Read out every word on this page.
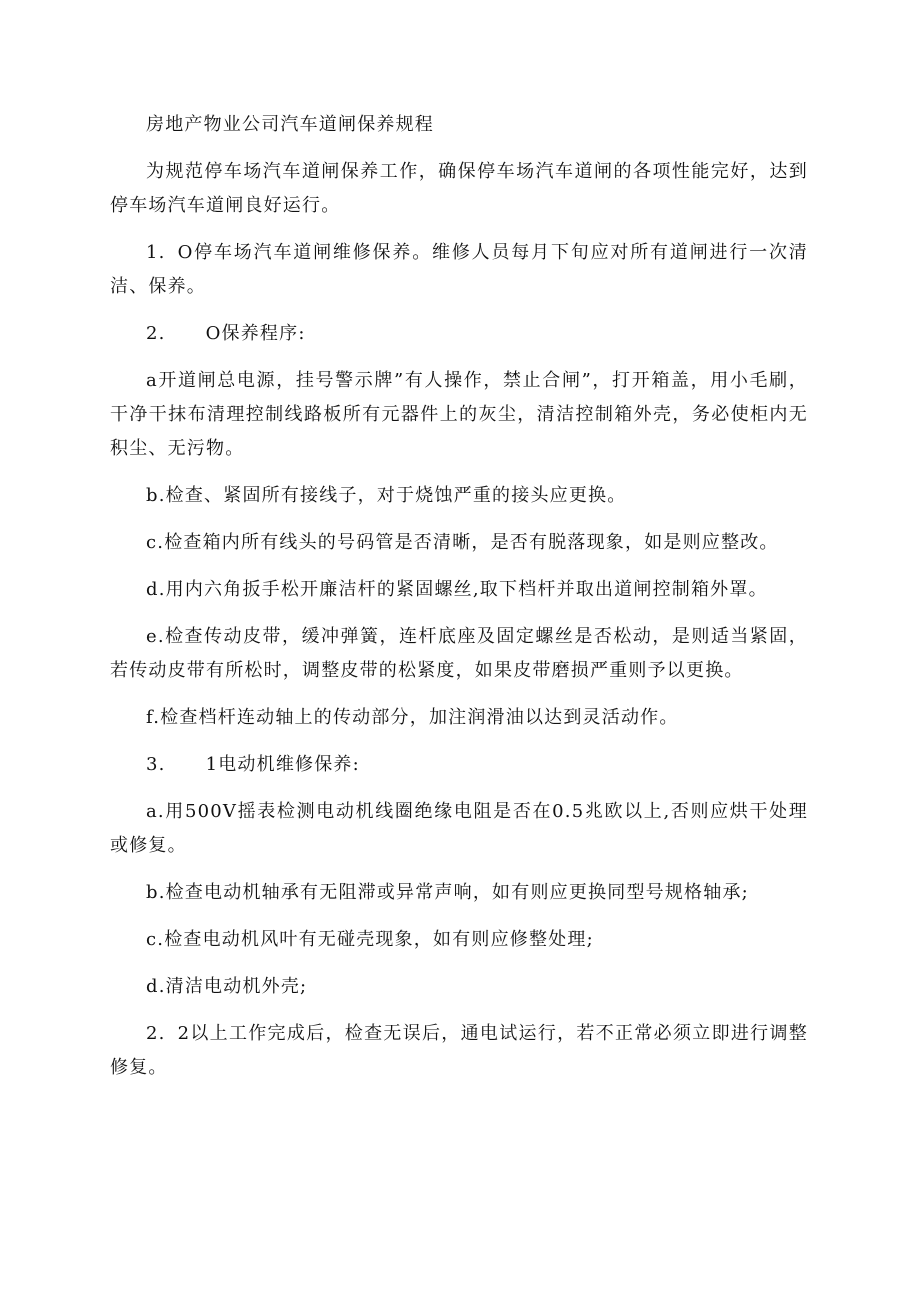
房地产物业公司汽车道闸保养规程

为规范停车场汽车道闸保养工作，确保停车场汽车道闸的各项性能完好，达到停车场汽车道闸良好运行。

1. O停车场汽车道闸维修保养。维修人员每月下旬应对所有道闸进行一次清洁、保养。

2. O保养程序:

a开道闸总电源，挂号警示牌”有人操作，禁止合闸”，打开箱盖，用小毛刷，干净干抹布清理控制线路板所有元器件上的灰尘，清洁控制箱外壳，务必使柜内无积尘、无污物。

b.检查、紧固所有接线子，对于烧蚀严重的接头应更换。

c.检查箱内所有线头的号码管是否清晰，是否有脱落现象，如是则应整改。

d.用内六角扳手松开廉洁杆的紧固螺丝,取下档杆并取出道闸控制箱外罩。

e.检查传动皮带，缓冲弹簧，连杆底座及固定螺丝是否松动，是则适当紧固，若传动皮带有所松时，调整皮带的松紧度，如果皮带磨损严重则予以更换。

f.检查档杆连动轴上的传动部分，加注润滑油以达到灵活动作。

3. 1电动机维修保养:

a.用500V摇表检测电动机线圈绝缘电阻是否在0.5兆欧以上,否则应烘干处理或修复。

b.检查电动机轴承有无阻滞或异常声响，如有则应更换同型号规格轴承;

c.检查电动机风叶有无碰壳现象，如有则应修整处理;

d.清洁电动机外壳;

2. 2以上工作完成后，检查无误后，通电试运行，若不正常必须立即进行调整修复。
